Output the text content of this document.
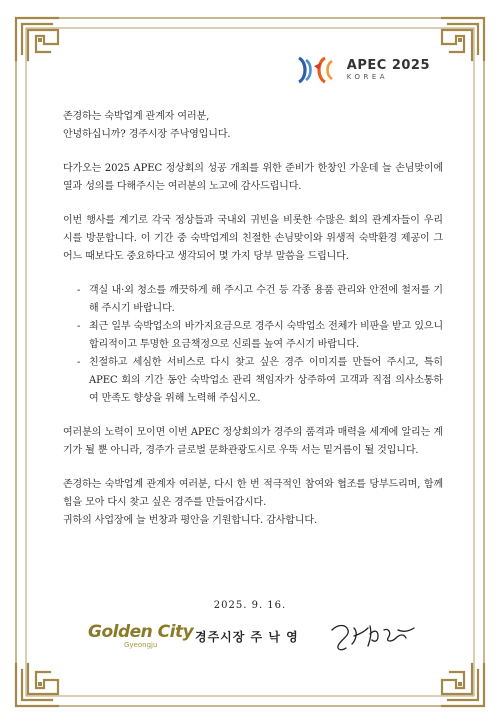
APEC 2025
KOREA

존경하는 숙박업계 관계자 여러분,
안녕하십니까? 경주시장 주낙영입니다.

다가오는 2025 APEC 정상회의 성공 개최를 위한 준비가 한창인 가운데 늘 손님맞이에 열과 성의를 다해주시는 여러분의 노고에 감사드립니다.

이번 행사를 계기로 각국 정상들과 국내외 귀빈을 비롯한 수많은 회의 관계자들이 우리 시를 방문합니다. 이 기간 중 숙박업계의 친절한 손님맞이와 위생적 숙박환경 제공이 그 어느 때보다도 중요하다고 생각되어 몇 가지 당부 말씀을 드립니다.

- 객실 내·외 청소를 깨끗하게 해 주시고 수건 등 각종 용품 관리와 안전에 철저를 기해 주시기 바랍니다.
- 최근 일부 숙박업소의 바가지요금으로 경주시 숙박업소 전체가 비판을 받고 있으니 합리적이고 투명한 요금책정으로 신뢰를 높여 주시기 바랍니다.
- 친절하고 세심한 서비스로 다시 찾고 싶은 경주 이미지를 만들어 주시고, 특히 APEC 회의 기간 동안 숙박업소 관리 책임자가 상주하여 고객과 직접 의사소통하여 만족도 향상을 위해 노력해 주십시오.

여러분의 노력이 모이면 이번 APEC 정상회의가 경주의 품격과 매력을 세계에 알리는 계기가 될 뿐 아니라, 경주가 글로벌 문화관광도시로 우뚝 서는 밑거름이 될 것입니다.

존경하는 숙박업계 관계자 여러분, 다시 한 번 적극적인 참여와 협조를 당부드리며, 함께 힘을 모아 다시 찾고 싶은 경주를 만들어갑시다.
귀하의 사업장에 늘 번창과 평안을 기원합니다. 감사합니다.

2025. 9. 16.
Golden City
Gyeongju
경주시장 주 낙 영
